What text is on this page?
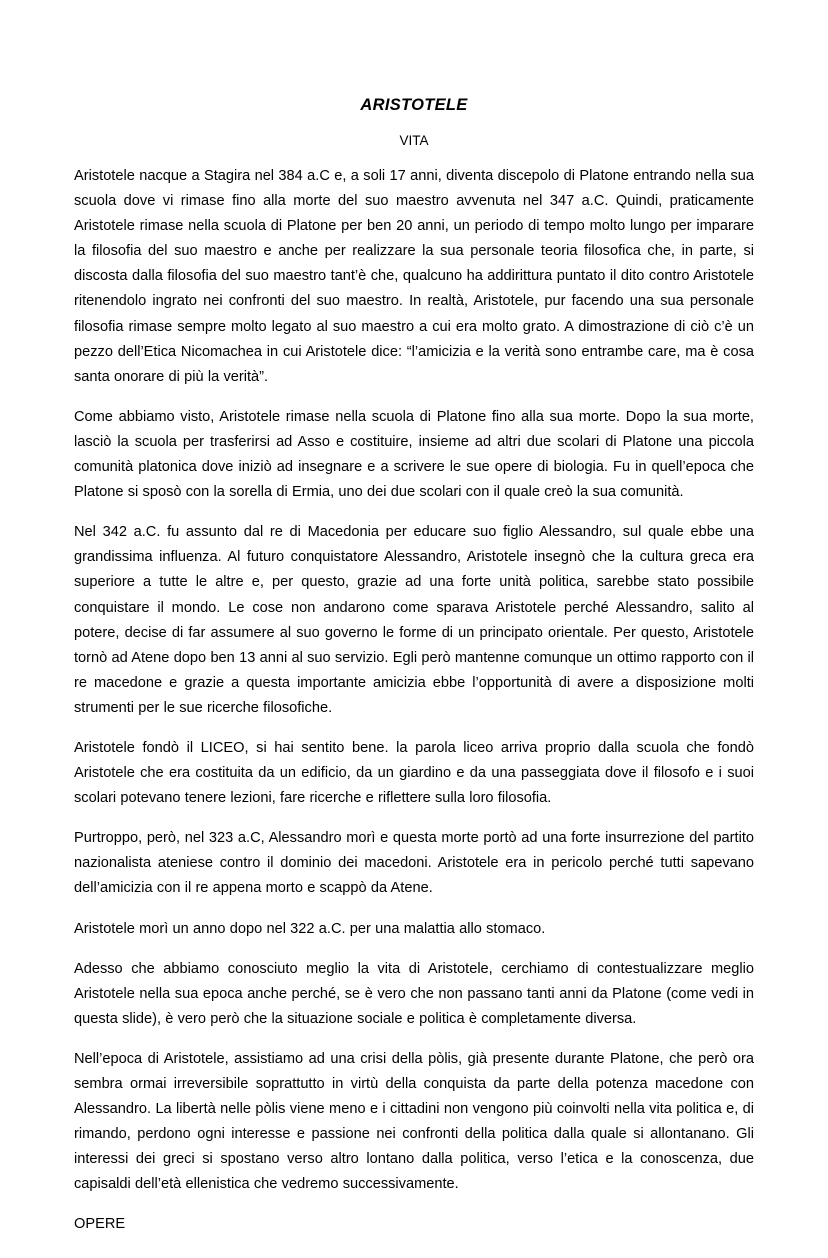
ARISTOTELE
VITA

Aristotele nacque a Stagira nel 384 a.C e, a soli 17 anni, diventa discepolo di Platone entrando nella sua scuola dove vi rimase fino alla morte del suo maestro avvenuta nel 347 a.C. Quindi, praticamente Aristotele rimase nella scuola di Platone per ben 20 anni, un periodo di tempo molto lungo per imparare la filosofia del suo maestro e anche per realizzare la sua personale teoria filosofica che, in parte, si discosta dalla filosofia del suo maestro tant’è che, qualcuno ha addirittura puntato il dito contro Aristotele ritenendolo ingrato nei confronti del suo maestro. In realtà, Aristotele, pur facendo una sua personale filosofia rimase sempre molto legato al suo maestro a cui era molto grato. A dimostrazione di ciò c’è un pezzo dell’Etica Nicomachea in cui Aristotele dice: “l’amicizia e la verità sono entrambe care, ma è cosa santa onorare di più la verità”.

Come abbiamo visto, Aristotele rimase nella scuola di Platone fino alla sua morte. Dopo la sua morte, lasciò la scuola per trasferirsi ad Asso e costituire, insieme ad altri due scolari di Platone una piccola comunità platonica dove iniziò ad insegnare e a scrivere le sue opere di biologia. Fu in quell’epoca che Platone si sposò con la sorella di Ermia, uno dei due scolari con il quale creò la sua comunità.

Nel 342 a.C. fu assunto dal re di Macedonia per educare suo figlio Alessandro, sul quale ebbe una grandissima influenza. Al futuro conquistatore Alessandro, Aristotele insegnò che la cultura greca era superiore a tutte le altre e, per questo, grazie ad una forte unità politica, sarebbe stato possibile conquistare il mondo. Le cose non andarono come sparava Aristotele perché Alessandro, salito al potere, decise di far assumere al suo governo le forme di un principato orientale. Per questo, Aristotele tornò ad Atene dopo ben 13 anni al suo servizio. Egli però mantenne comunque un ottimo rapporto con il re macedone e grazie a questa importante amicizia ebbe l’opportunità di avere a disposizione molti strumenti per le sue ricerche filosofiche.

Aristotele fondò il LICEO, si hai sentito bene. la parola liceo arriva proprio dalla scuola che fondò Aristotele che era costituita da un edificio, da un giardino e da una passeggiata dove il filosofo e i suoi scolari potevano tenere lezioni, fare ricerche e riflettere sulla loro filosofia.

Purtroppo, però, nel 323 a.C, Alessandro morì e questa morte portò ad una forte insurrezione del partito nazionalista ateniese contro il dominio dei macedoni. Aristotele era in pericolo perché tutti sapevano dell’amicizia con il re appena morto e scappò da Atene.

Aristotele morì un anno dopo nel 322 a.C. per una malattia allo stomaco.

Adesso che abbiamo conosciuto meglio la vita di Aristotele, cerchiamo di contestualizzare meglio Aristotele nella sua epoca anche perché, se è vero che non passano tanti anni da Platone (come vedi in questa slide), è vero però che la situazione sociale e politica è completamente diversa.

Nell’epoca di Aristotele, assistiamo ad una crisi della pòlis, già presente durante Platone, che però ora sembra ormai irreversibile soprattutto in virtù della conquista da parte della potenza macedone con Alessandro. La libertà nelle pòlis viene meno e i cittadini non vengono più coinvolti nella vita politica e, di rimando, perdono ogni interesse e passione nei confronti della politica dalla quale si allontanano. Gli interessi dei greci si spostano verso altro lontano dalla politica, verso l’etica e la conoscenza, due capisaldi dell’età ellenistica che vedremo successivamente.

OPERE
